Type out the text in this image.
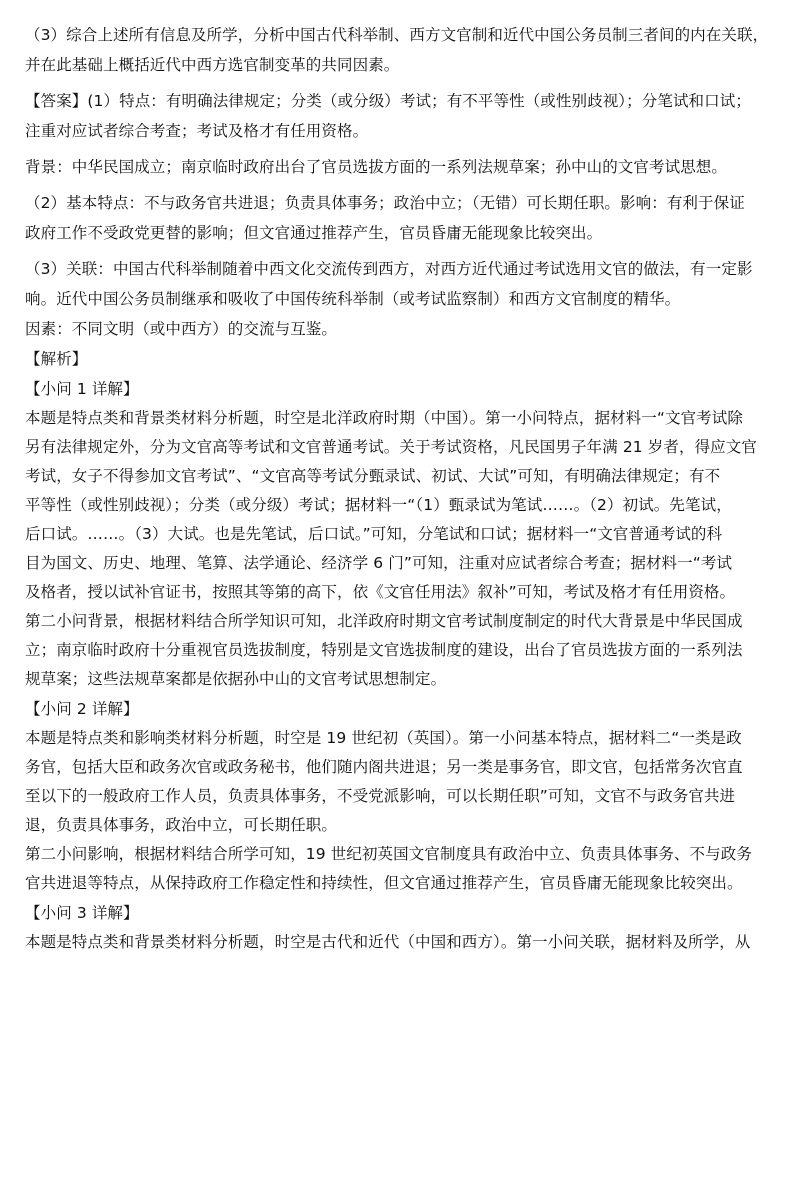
（3）综合上述所有信息及所学，分析中国古代科举制、西方文官制和近代中国公务员制三者间的内在关联，
并在此基础上概括近代中西方选官制变革的共同因素。
【答案】(1）特点：有明确法律规定；分类（或分级）考试；有不平等性（或性别歧视）；分笔试和口试；
注重对应试者综合考查；考试及格才有任用资格。
背景：中华民国成立；南京临时政府出台了官员选拔方面的一系列法规草案；孙中山的文官考试思想。
（2）基本特点：不与政务官共进退；负责具体事务；政治中立；（无错）可长期任职。影响：有利于保证
政府工作不受政党更替的影响；但文官通过推荐产生，官员昏庸无能现象比较突出。
（3）关联：中国古代科举制随着中西文化交流传到西方，对西方近代通过考试选用文官的做法，有一定影
响。近代中国公务员制继承和吸收了中国传统科举制（或考试监察制）和西方文官制度的精华。
因素：不同文明（或中西方）的交流与互鉴。
【解析】
【小问 1 详解】
本题是特点类和背景类材料分析题，时空是北洋政府时期（中国）。第一小问特点，据材料一“文官考试除
另有法律规定外，分为文官高等考试和文官普通考试。关于考试资格，凡民国男子年满 21 岁者，得应文官
考试，女子不得参加文官考试”、“文官高等考试分甄录试、初试、大试”可知，有明确法律规定；有不
平等性（或性别歧视）；分类（或分级）考试；据材料一“（1）甄录试为笔试……。（2）初试。先笔试，
后口试。……。（3）大试。也是先笔试，后口试。”可知，分笔试和口试；据材料一“文官普通考试的科
目为国文、历史、地理、笔算、法学通论、经济学 6 门”可知，注重对应试者综合考查；据材料一“考试
及格者，授以试补官证书，按照其等第的高下，依《文官任用法》叙补”可知，考试及格才有任用资格。
第二小问背景，根据材料结合所学知识可知，北洋政府时期文官考试制度制定的时代大背景是中华民国成
立；南京临时政府十分重视官员选拔制度，特别是文官选拔制度的建设，出台了官员选拔方面的一系列法
规草案；这些法规草案都是依据孙中山的文官考试思想制定。
【小问 2 详解】
本题是特点类和影响类材料分析题，时空是 19 世纪初（英国）。第一小问基本特点，据材料二“一类是政
务官，包括大臣和政务次官或政务秘书，他们随内阁共进退；另一类是事务官，即文官，包括常务次官直
至以下的一般政府工作人员，负责具体事务，不受党派影响，可以长期任职”可知，文官不与政务官共进
退，负责具体事务，政治中立，可长期任职。
第二小问影响，根据材料结合所学可知，19 世纪初英国文官制度具有政治中立、负责具体事务、不与政务
官共进退等特点，从保持政府工作稳定性和持续性，但文官通过推荐产生，官员昏庸无能现象比较突出。
【小问 3 详解】
本题是特点类和背景类材料分析题，时空是古代和近代（中国和西方）。第一小问关联，据材料及所学，从
